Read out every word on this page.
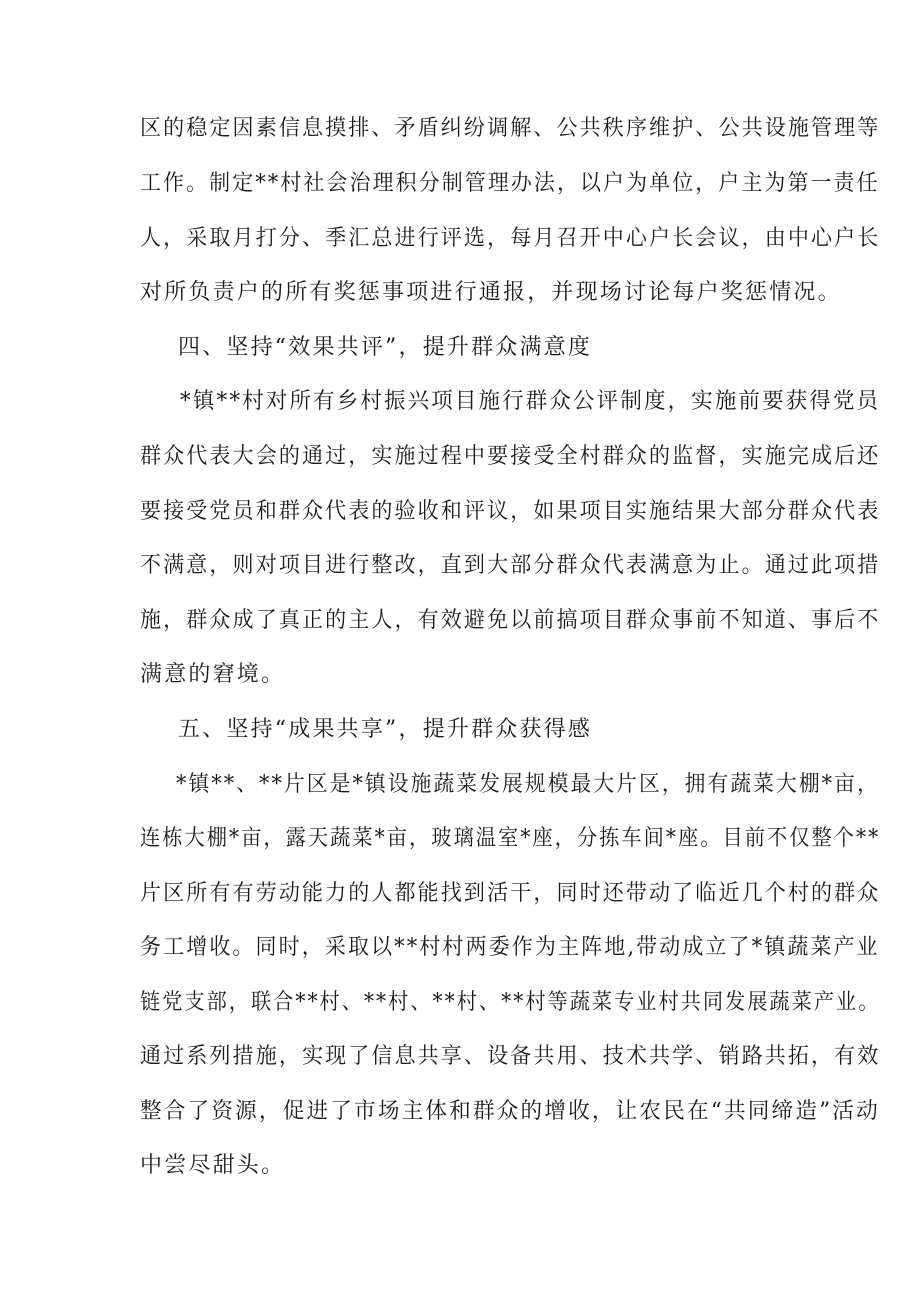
区的稳定因素信息摸排、矛盾纠纷调解、公共秩序维护、公共设施管理等
工作。制定**村社会治理积分制管理办法，以户为单位，户主为第一责任
人，采取月打分、季汇总进行评选，每月召开中心户长会议，由中心户长
对所负责户的所有奖惩事项进行通报，并现场讨论每户奖惩情况。
四、坚持“效果共评”，提升群众满意度
*镇**村对所有乡村振兴项目施行群众公评制度，实施前要获得党员
群众代表大会的通过，实施过程中要接受全村群众的监督，实施完成后还
要接受党员和群众代表的验收和评议，如果项目实施结果大部分群众代表
不满意，则对项目进行整改，直到大部分群众代表满意为止。通过此项措
施，群众成了真正的主人，有效避免以前搞项目群众事前不知道、事后不
满意的窘境。
五、坚持“成果共享”，提升群众获得感
*镇**、**片区是*镇设施蔬菜发展规模最大片区，拥有蔬菜大棚*亩，
连栋大棚*亩，露天蔬菜*亩，玻璃温室*座，分拣车间*座。目前不仅整个**
片区所有有劳动能力的人都能找到活干，同时还带动了临近几个村的群众
务工增收。同时，采取以**村村两委作为主阵地,带动成立了*镇蔬菜产业
链党支部，联合**村、**村、**村、**村等蔬菜专业村共同发展蔬菜产业。
通过系列措施，实现了信息共享、设备共用、技术共学、销路共拓，有效
整合了资源，促进了市场主体和群众的增收，让农民在“共同缔造”活动
中尝尽甜头。
